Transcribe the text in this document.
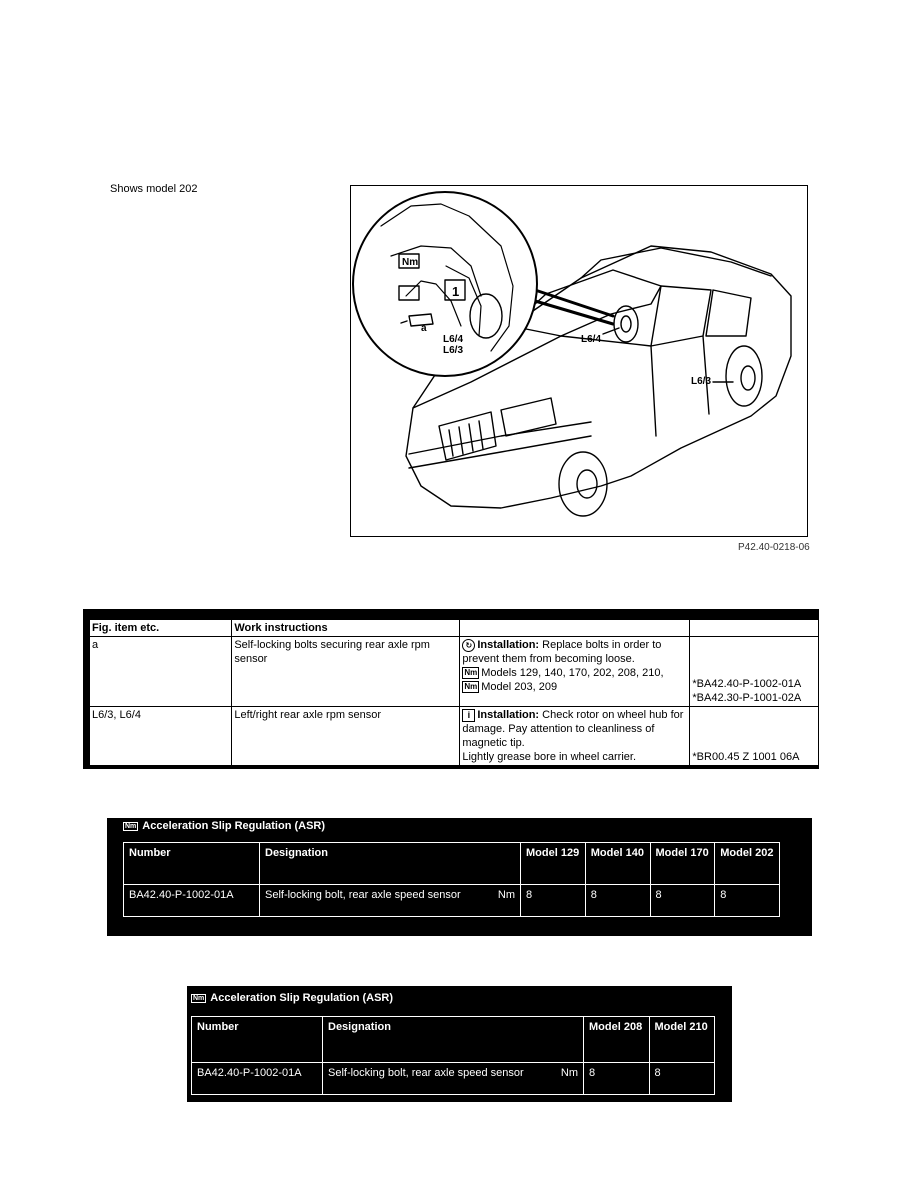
Shows model 202
L6/4
L6/3
Nm
1
a
L6/4
L6/3
P42.40-0218-06
Fig. item etc.	Work instructions		
a	Self-locking bolts securing rear axle rpm sensor	↻ Installation: Replace bolts in order to prevent them from becoming loose.
Nm Models 129, 140, 170, 202, 208, 210,
Nm Model 203, 209	*BA42.40-P-1002-01A
*BA42.30-P-1001-02A

L6/3, L6/4	Left/right rear axle rpm sensor	i Installation: Check rotor on wheel hub for damage. Pay attention to cleanliness of magnetic tip.
Lightly grease bore in wheel carrier.	*BR00.45 Z 1001 06A
Nm Acceleration Slip Regulation (ASR)
Number	Designation	Model 129	Model 140	Model 170	Model 202
BA42.40-P-1002-01A	Self-locking bolt, rear axle speed sensor Nm	8	8	8	8
Nm Acceleration Slip Regulation (ASR)
Number	Designation	Model 208	Model 210
BA42.40-P-1002-01A	Self-locking bolt, rear axle speed sensor Nm	8	8
